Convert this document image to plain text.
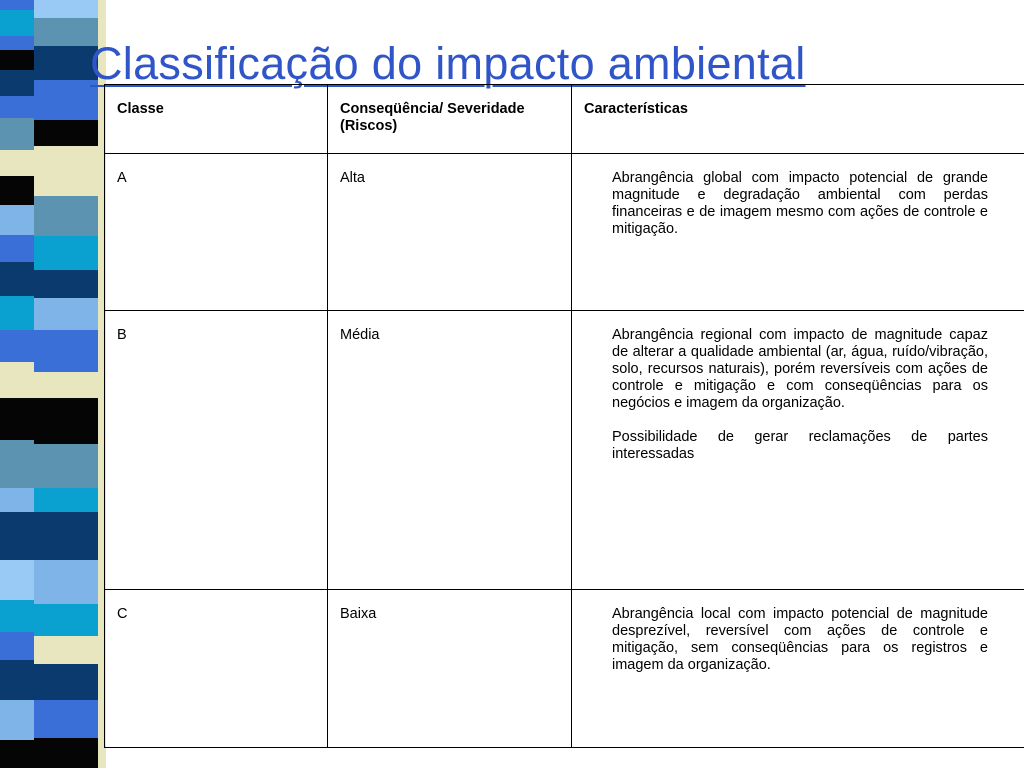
Classificação do impacto ambiental
Classe	Conseqüência/ Severidade (Riscos)	Características
A	Alta	Abrangência global com impacto potencial de grande magnitude e degradação ambiental com perdas financeiras e de imagem mesmo com ações de controle e mitigação.

B	Média	Abrangência regional com impacto de magnitude capaz de alterar a qualidade ambiental (ar, água, ruído/vibração, solo, recursos naturais), porém reversíveis com ações de controle e mitigação e com conseqüências para os negócios e imagem da organização.

Possibilidade de gerar reclamações de partes interessadas

C	Baixa	Abrangência local com impacto potencial de magnitude desprezível, reversível com ações de controle e mitigação, sem conseqüências para os registros e imagem da organização.
